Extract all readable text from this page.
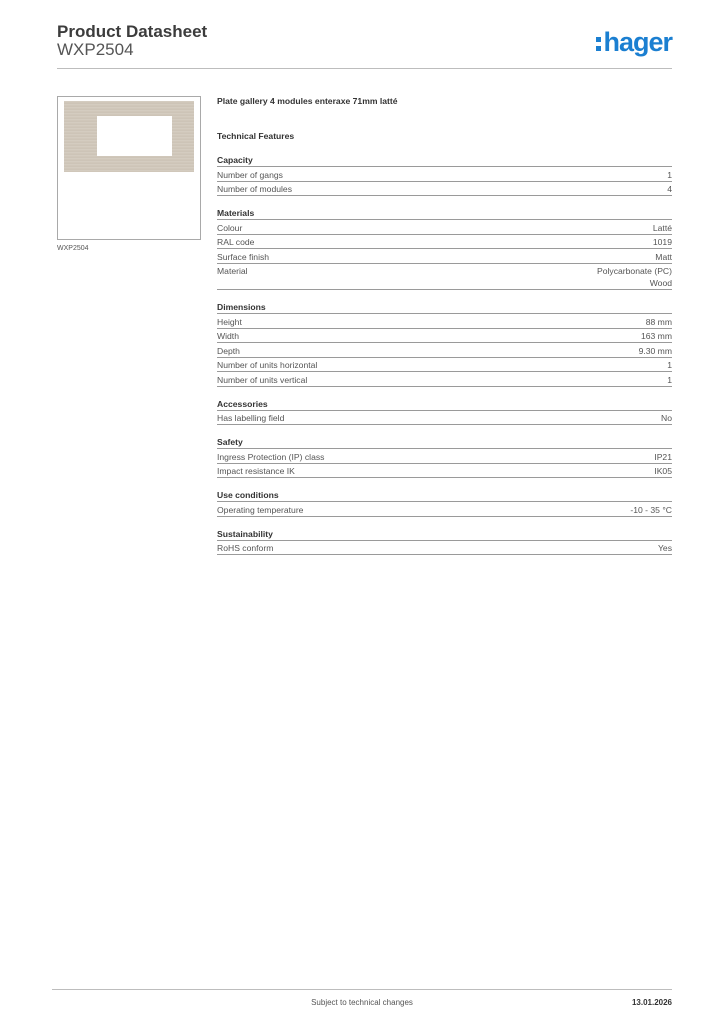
Product Datasheet
WXP2504	hager
WXP2504
Plate gallery 4 modules enteraxe 71mm latté
Technical Features
Capacity
Number of gangs	1
Number of modules	4
Materials
Colour	Latté
RAL code	1019
Surface finish	Matt
Material	Polycarbonate (PC)
Wood
Dimensions
Height	88 mm
Width	163 mm
Depth	9.30 mm
Number of units horizontal	1
Number of units vertical	1
Accessories
Has labelling field	No
Safety
Ingress Protection (IP) class	IP21
Impact resistance IK	IK05
Use conditions
Operating temperature	-10 - 35 °C
Sustainability
RoHS conform	Yes
Subject to technical changes	13.01.2026
